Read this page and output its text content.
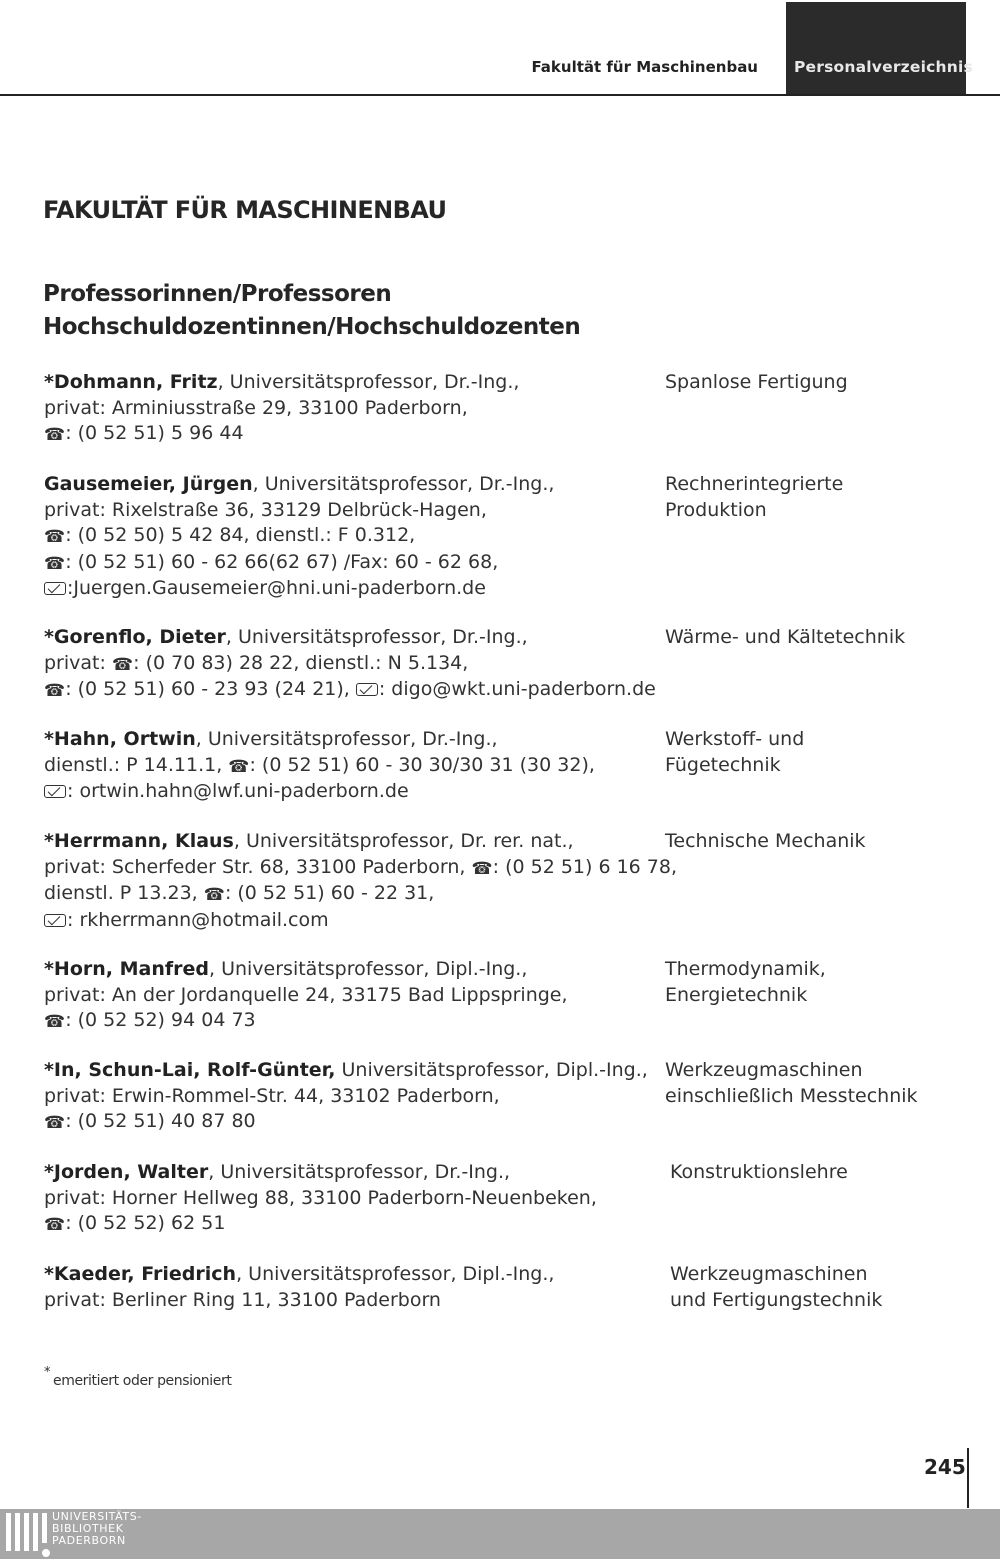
Fakultät für Maschinenbau Personalverzeichnis
FAKULTÄT FÜR MASCHINENBAU
Professorinnen/Professoren
Hochschuldozentinnen/Hochschuldozenten
*Dohmann, Fritz, Universitätsprofessor, Dr.-Ing.,
privat: Arminiusstraße 29, 33100 Paderborn,
☎: (0 52 51) 5 96 44
Spanlose Fertigung
Gausemeier, Jürgen, Universitätsprofessor, Dr.-Ing.,
privat: Rixelstraße 36, 33129 Delbrück-Hagen,
☎: (0 52 50) 5 42 84, dienstl.: F 0.312,
☎: (0 52 51) 60 - 62 66(62 67) /Fax: 60 - 62 68,
:Juergen.Gausemeier@hni.uni-paderborn.de
Rechnerintegrierte
Produktion
*Gorenflo, Dieter, Universitätsprofessor, Dr.-Ing.,
privat: ☎: (0 70 83) 28 22, dienstl.: N 5.134,
☎: (0 52 51) 60 - 23 93 (24 21), : digo@wkt.uni-paderborn.de
Wärme- und Kältetechnik
*Hahn, Ortwin, Universitätsprofessor, Dr.-Ing.,
dienstl.: P 14.11.1, ☎: (0 52 51) 60 - 30 30/30 31 (30 32),
: ortwin.hahn@lwf.uni-paderborn.de
Werkstoff- und
Fügetechnik
*Herrmann, Klaus, Universitätsprofessor, Dr. rer. nat.,
privat: Scherfeder Str. 68, 33100 Paderborn, ☎: (0 52 51) 6 16 78,
dienstl. P 13.23, ☎: (0 52 51) 60 - 22 31,
: rkherrmann@hotmail.com
Technische Mechanik
*Horn, Manfred, Universitätsprofessor, Dipl.-Ing.,
privat: An der Jordanquelle 24, 33175 Bad Lippspringe,
☎: (0 52 52) 94 04 73
Thermodynamik,
Energietechnik
*In, Schun-Lai, Rolf-Günter, Universitätsprofessor, Dipl.-Ing.,
privat: Erwin-Rommel-Str. 44, 33102 Paderborn,
☎: (0 52 51) 40 87 80
Werkzeugmaschinen
einschließlich Messtechnik
*Jorden, Walter, Universitätsprofessor, Dr.-Ing.,
privat: Horner Hellweg 88, 33100 Paderborn-Neuenbeken,
☎: (0 52 52) 62 51
Konstruktionslehre
*Kaeder, Friedrich, Universitätsprofessor, Dipl.-Ing.,
privat: Berliner Ring 11, 33100 Paderborn
Werkzeugmaschinen
und Fertigungstechnik
*
emeritiert oder pensioniert
245
UNIVERSITÄTS-
BIBLIOTHEK
PADERBORN
